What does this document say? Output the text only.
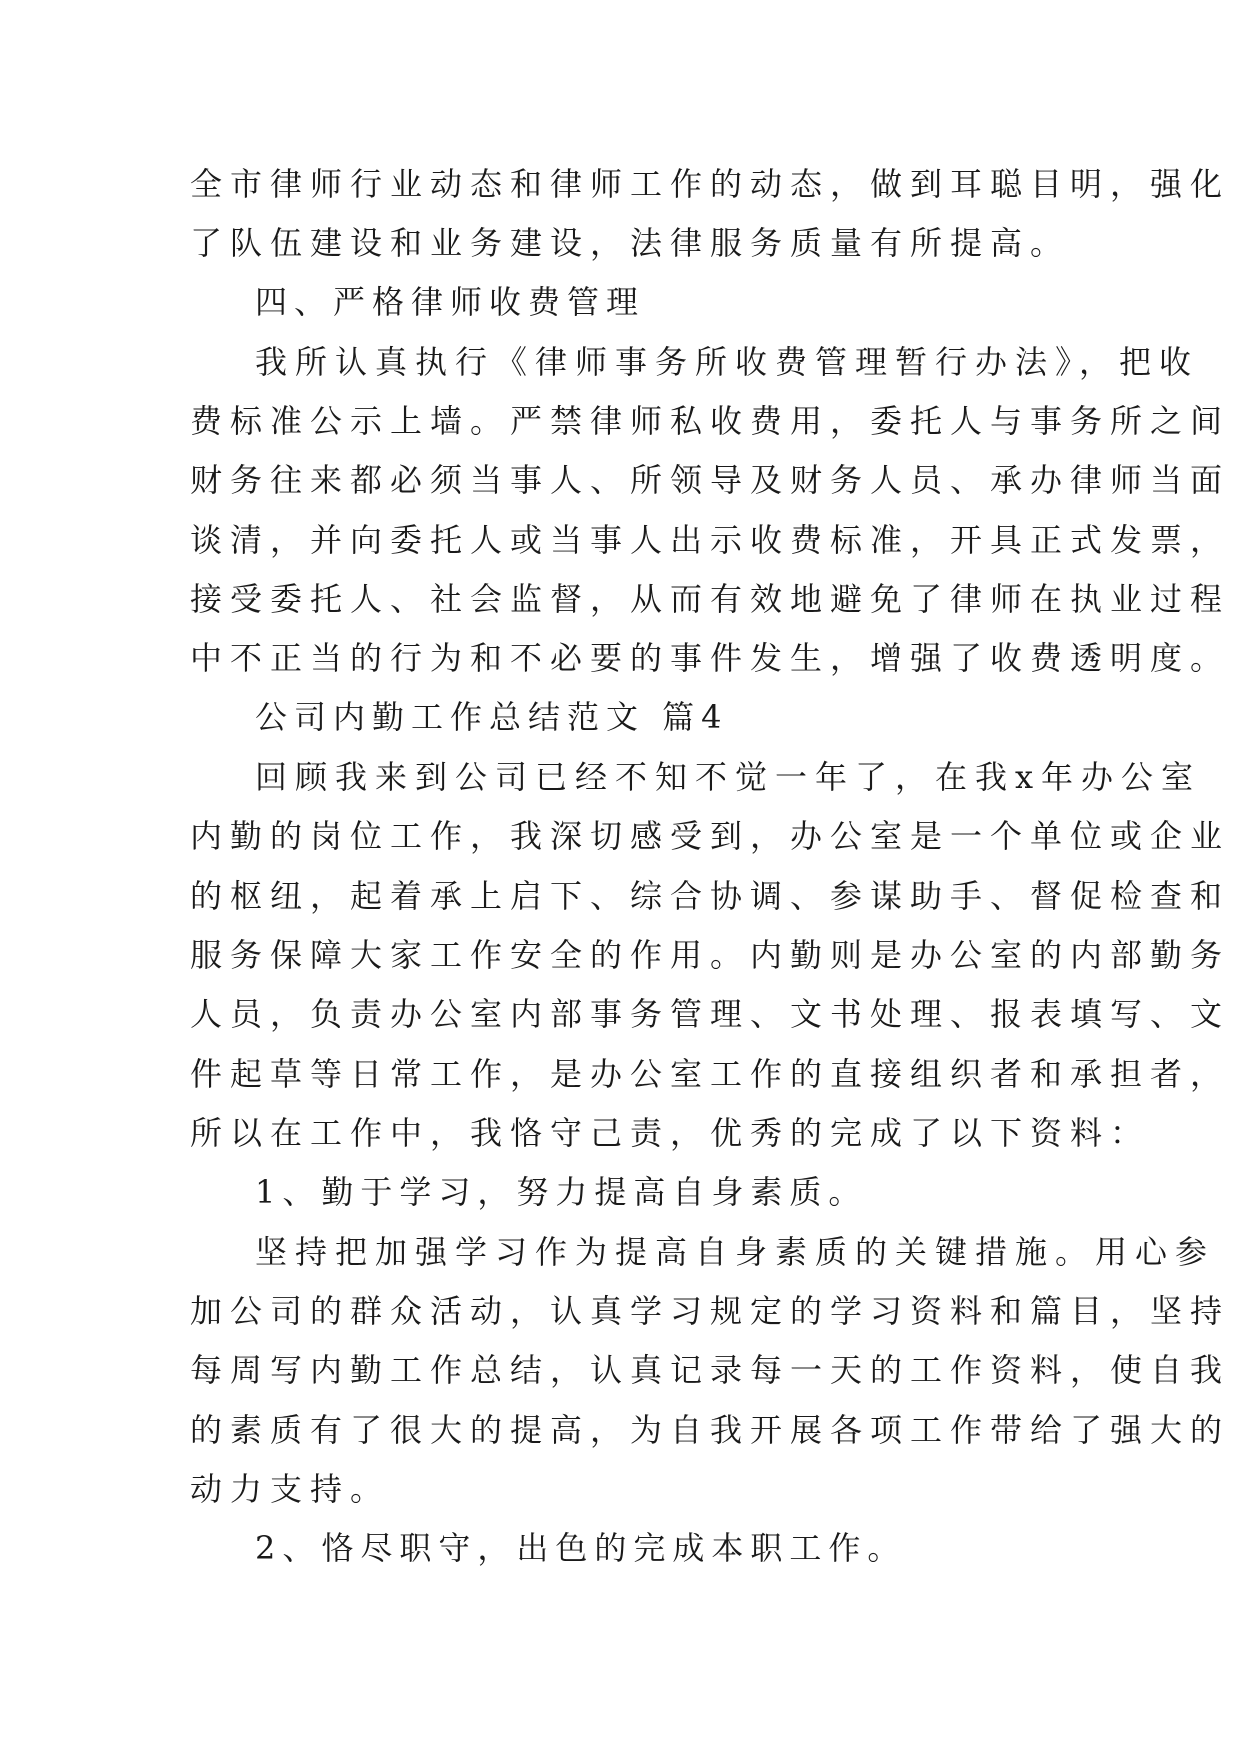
全市律师行业动态和律师工作的动态，做到耳聪目明，强化
了队伍建设和业务建设，法律服务质量有所提高。
四、严格律师收费管理
我所认真执行《律师事务所收费管理暂行办法》，把收
费标准公示上墙。严禁律师私收费用，委托人与事务所之间
财务往来都必须当事人、所领导及财务人员、承办律师当面
谈清，并向委托人或当事人出示收费标准，开具正式发票，
接受委托人、社会监督，从而有效地避免了律师在执业过程
中不正当的行为和不必要的事件发生，增强了收费透明度。
公司内勤工作总结范文 篇4
回顾我来到公司已经不知不觉一年了，在我x年办公室
内勤的岗位工作，我深切感受到，办公室是一个单位或企业
的枢纽，起着承上启下、综合协调、参谋助手、督促检查和
服务保障大家工作安全的作用。内勤则是办公室的内部勤务
人员，负责办公室内部事务管理、文书处理、报表填写、文
件起草等日常工作，是办公室工作的直接组织者和承担者，
所以在工作中，我恪守己责，优秀的完成了以下资料：
1、勤于学习，努力提高自身素质。
坚持把加强学习作为提高自身素质的关键措施。用心参
加公司的群众活动，认真学习规定的学习资料和篇目，坚持
每周写内勤工作总结，认真记录每一天的工作资料，使自我
的素质有了很大的提高，为自我开展各项工作带给了强大的
动力支持。
2、恪尽职守，出色的完成本职工作。
